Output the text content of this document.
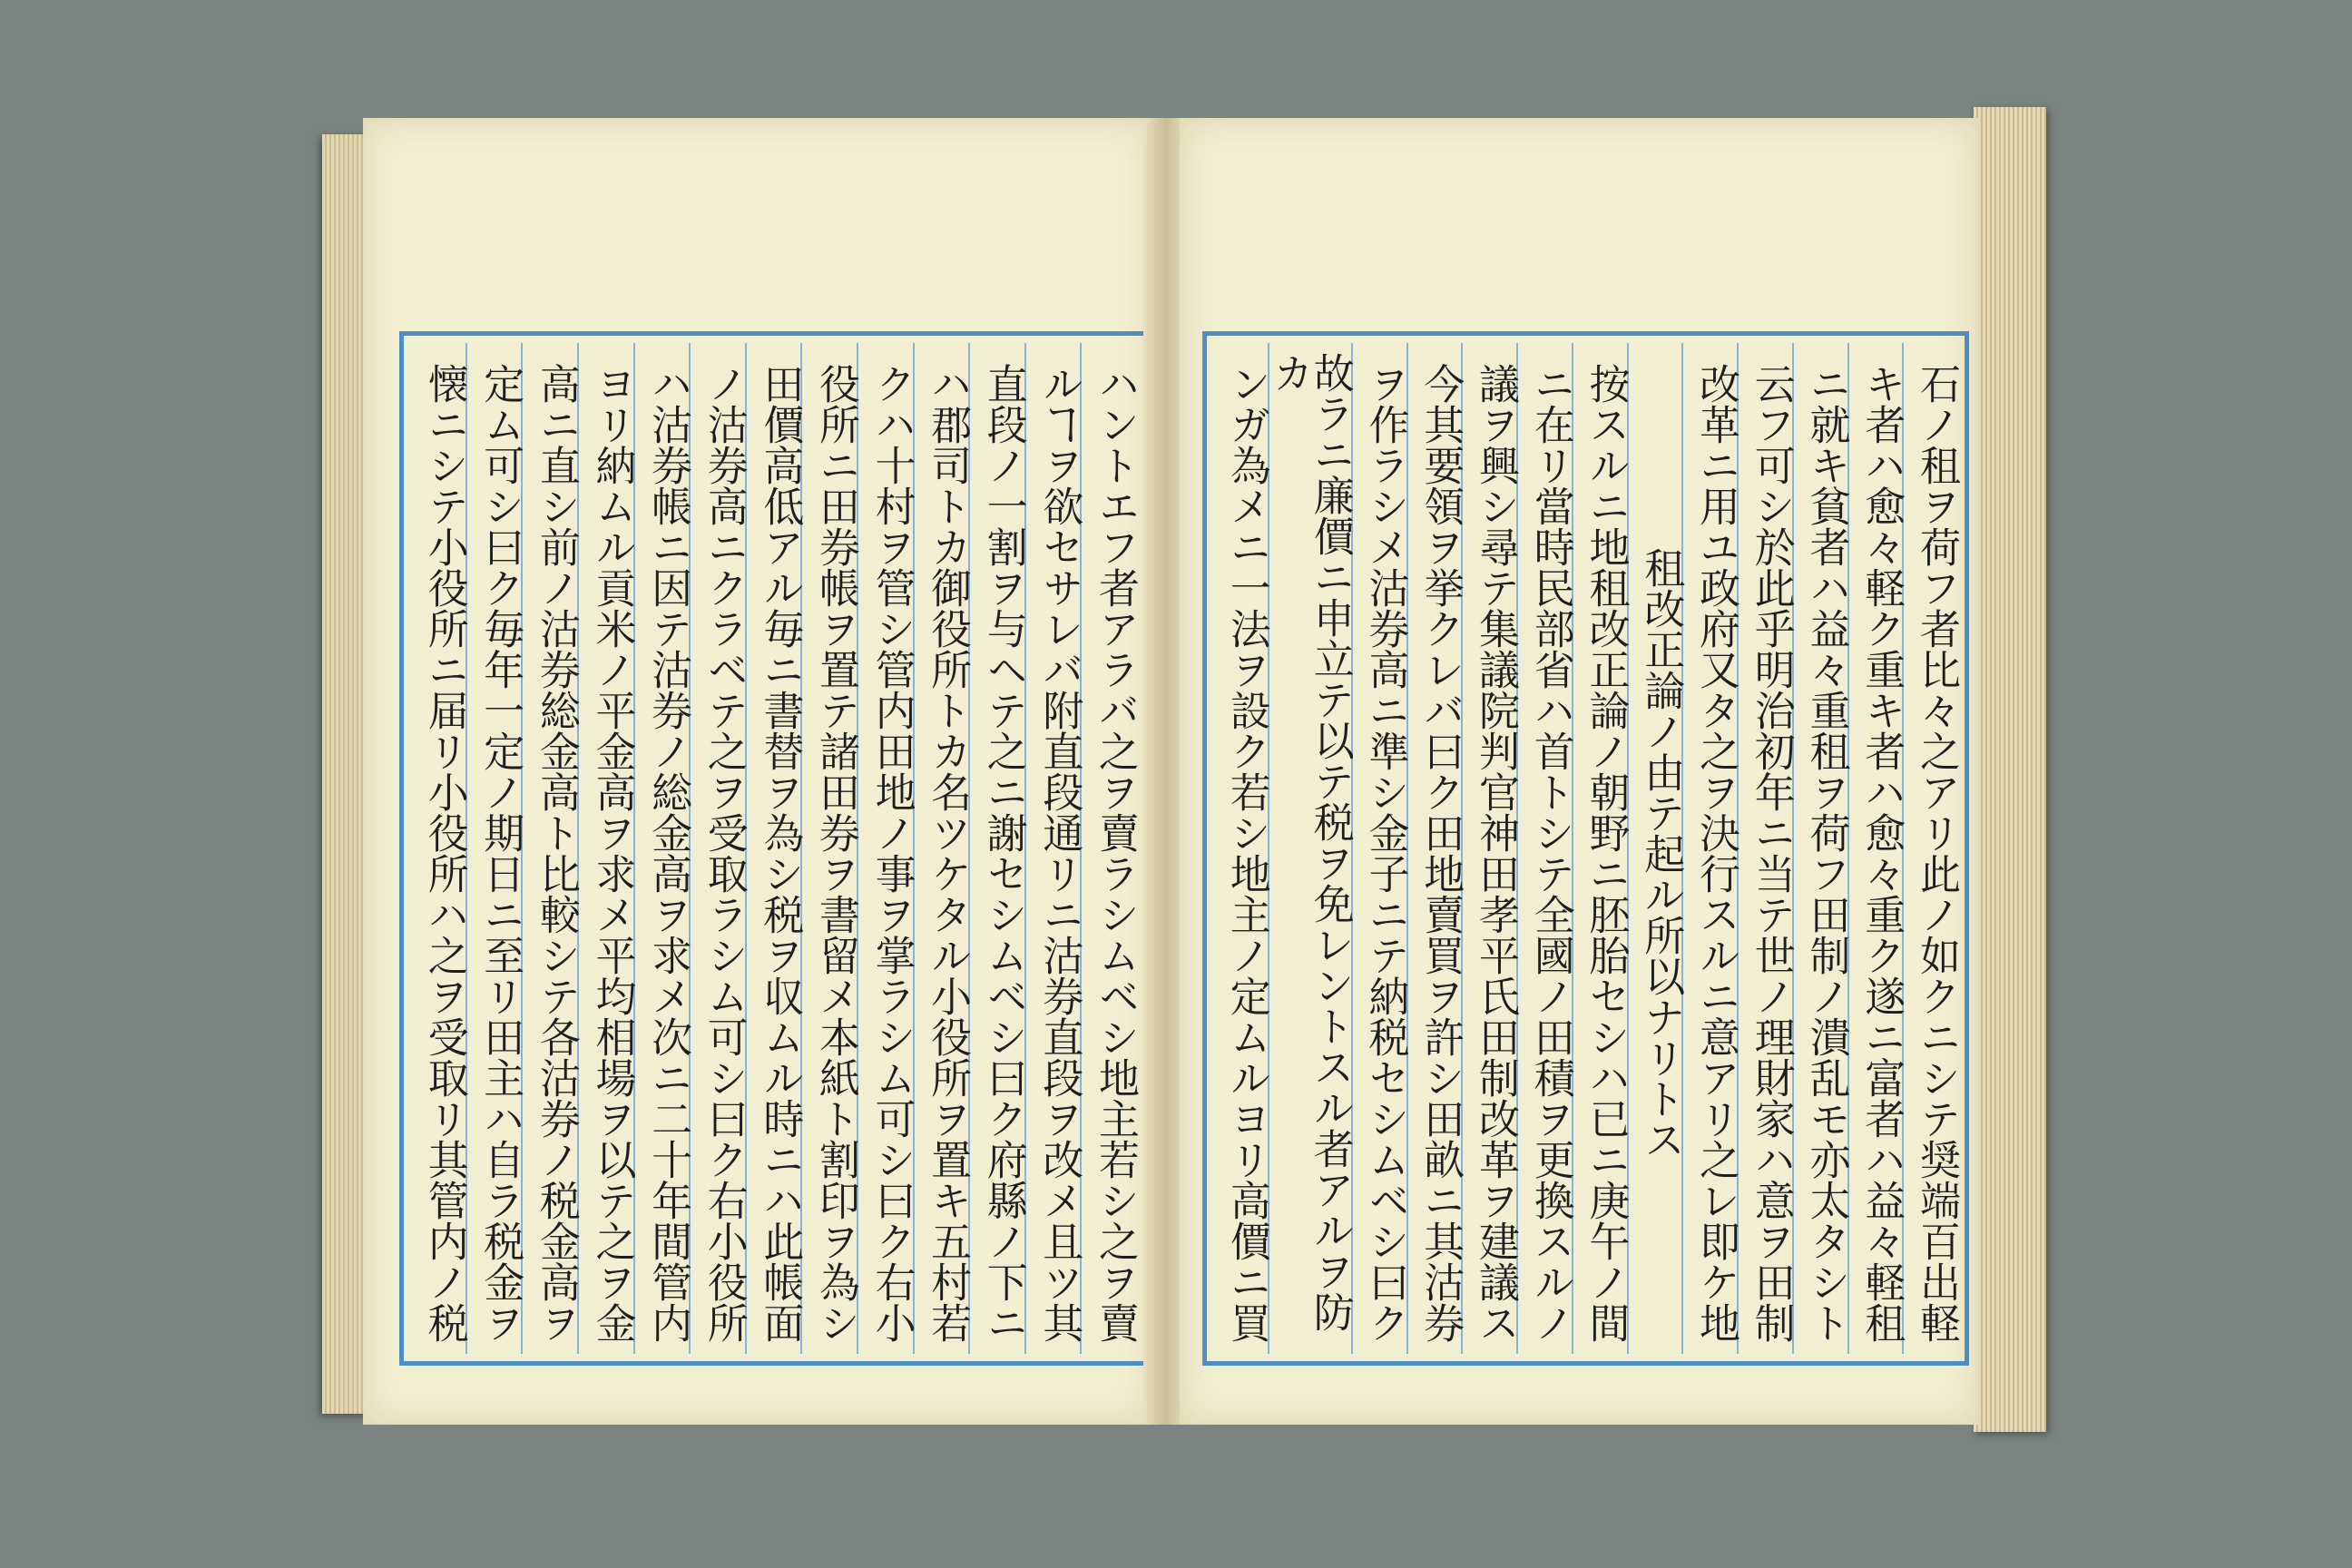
ハントエフ者アラバ之ヲ賣ラシムベシ地主若シ之ヲ賣
ルヿヲ欲セサレバ附直段通リニ沽券直段ヲ改メ且ツ其
直段ノ一割ヲ与ヘテ之ニ謝セシムベシ曰ク府縣ノ下ニ
ハ郡司トカ御役所トカ名ツケタル小役所ヲ置キ五村若
クハ十村ヲ管シ管内田地ノ事ヲ掌ラシム可シ曰ク右小
役所ニ田券帳ヲ置テ諸田券ヲ書留メ本紙ト割印ヲ為シ
田價高低アル毎ニ書替ヲ為シ税ヲ収ムル時ニハ此帳面
ノ沽券高ニクラベテ之ヲ受取ラシム可シ曰ク右小役所
ハ沽券帳ニ因テ沽券ノ総金高ヲ求メ次ニ二十年間管内
ヨリ納ムル貢米ノ平金高ヲ求メ平均相場ヲ以テ之ヲ金
高ニ直シ前ノ沽券総金高ト比較シテ各沽券ノ税金高ヲ
定ム可シ曰ク毎年一定ノ期日ニ至リ田主ハ自ラ税金ヲ
懐ニシテ小役所ニ届リ小役所ハ之ヲ受取リ其管内ノ税	石ノ租ヲ荷フ者比々之アリ此ノ如クニシテ奨端百出軽
キ者ハ愈々軽ク重キ者ハ愈々重ク遂ニ富者ハ益々軽租
ニ就キ貧者ハ益々重租ヲ荷フ田制ノ潰乱モ亦太タシト
云フ可シ於此乎明治初年ニ当テ世ノ理財家ハ意ヲ田制
改革ニ用ユ政府又タ之ヲ決行スルニ意アリ之レ即ケ地
租改正論ノ由テ起ル所以ナリトス
按スルニ地租改正論ノ朝野ニ胚胎セシハ已ニ庚午ノ間
ニ在リ當時民部省ハ首トシテ全國ノ田積ヲ更換スルノ
議ヲ興シ尋テ集議院判官神田孝平氏田制改革ヲ建議ス
今其要領ヲ挙クレバ曰ク田地賣買ヲ許シ田畝ニ其沽券
ヲ作ラシメ沽券高ニ準シ金子ニテ納税セシムベシ曰ク
故ラニ廉價ニ申立テ以テ税ヲ免レントスル者アルヲ防カ
ンガ為メニ一法ヲ設ク若シ地主ノ定ムルヨリ高價ニ買
